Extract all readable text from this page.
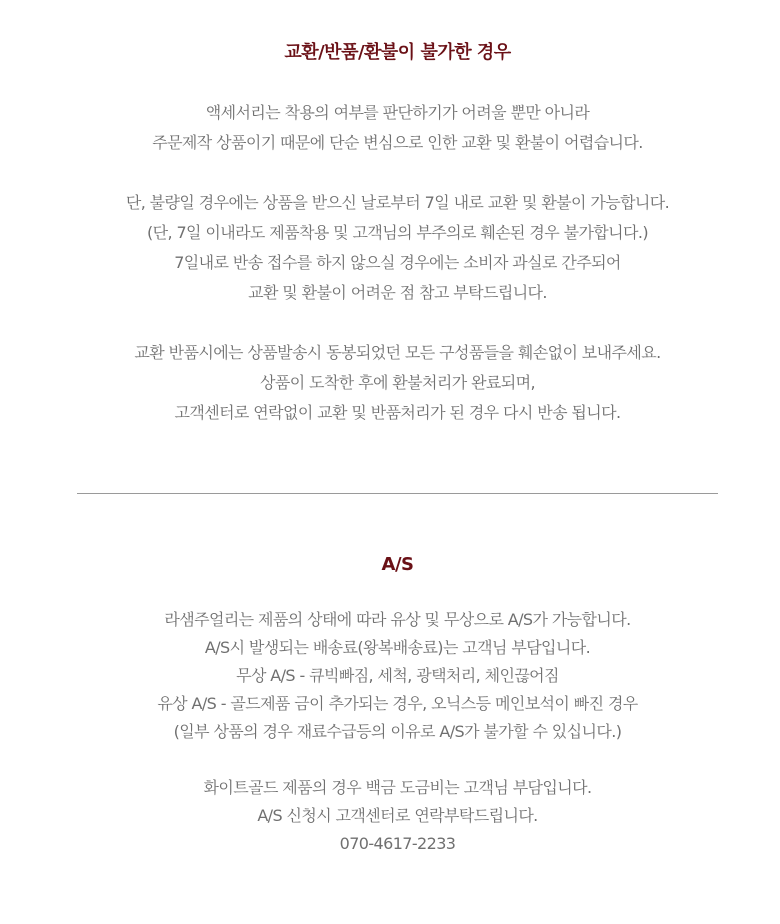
교환/반품/환불이 불가한 경우
액세서리는 착용의 여부를 판단하기가 어려울 뿐만 아니라
주문제작 상품이기 때문에 단순 변심으로 인한 교환 및 환불이 어렵습니다.
단, 불량일 경우에는 상품을 받으신 날로부터 7일 내로 교환 및 환불이 가능합니다.
(단, 7일 이내라도 제품착용 및 고객님의 부주의로 훼손된 경우 불가합니다.)
7일내로 반송 접수를 하지 않으실 경우에는 소비자 과실로 간주되어
교환 및 환불이 어려운 점 참고 부탁드립니다.
교환 반품시에는 상품발송시 동봉되었던 모든 구성품들을 훼손없이 보내주세요.
상품이 도착한 후에 환불처리가 완료되며,
고객센터로 연락없이 교환 및 반품처리가 된 경우 다시 반송 됩니다.
A/S
라샘주얼리는 제품의 상태에 따라 유상 및 무상으로 A/S가 가능합니다.
A/S시 발생되는 배송료(왕복배송료)는 고객님 부담입니다.
무상 A/S - 큐빅빠짐, 세척, 광택처리, 체인끊어짐
유상 A/S - 골드제품 금이 추가되는 경우, 오닉스등 메인보석이 빠진 경우
(일부 상품의 경우 재료수급등의 이유로 A/S가 불가할 수 있십니다.)
화이트골드 제품의 경우 백금 도금비는 고객님 부담입니다.
A/S 신청시 고객센터로 연락부탁드립니다.
070-4617-2233
